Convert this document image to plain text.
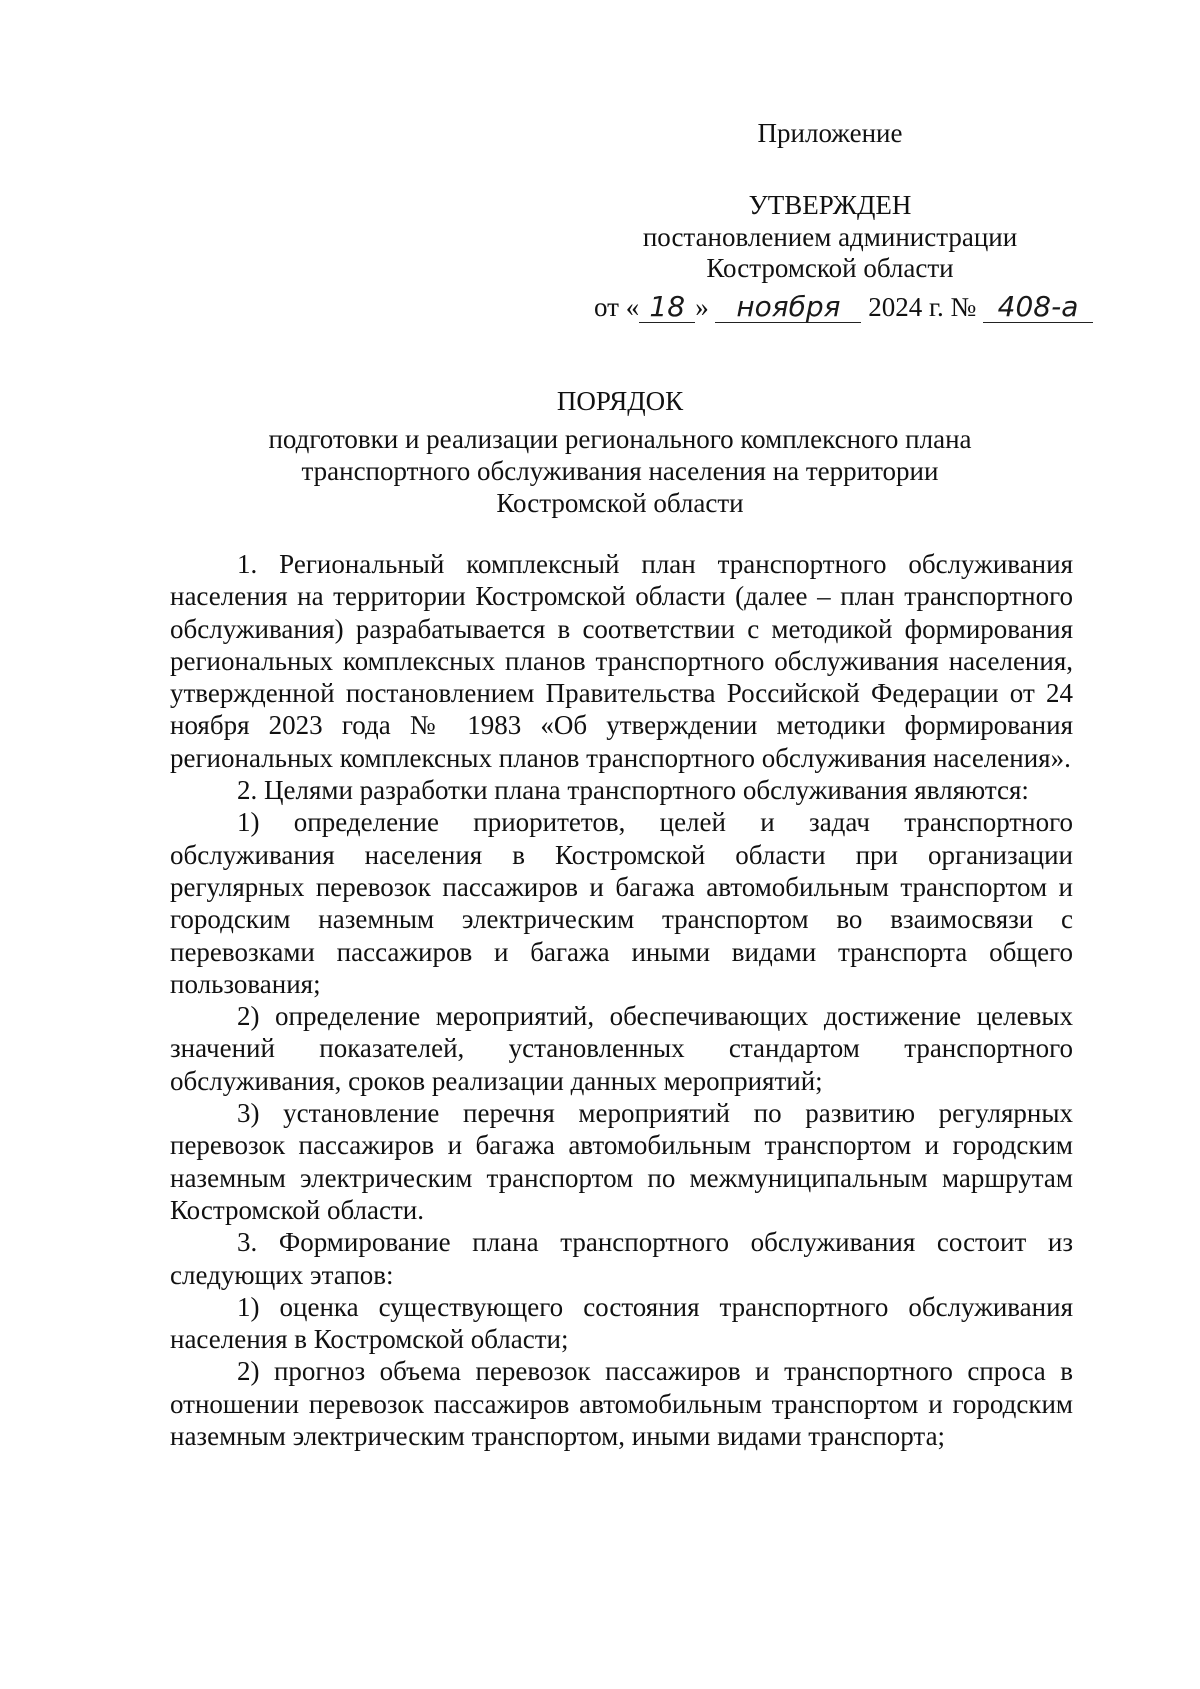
Приложение
УТВЕРЖДЕН
постановлением администрации
Костромской области
от « 18 » ноября 2024 г. № 408-а
ПОРЯДОК
подготовки и реализации регионального комплексного плана
транспортного обслуживания населения на территории
Костромской области

1. Региональный комплексный план транспортного обслуживания населения на территории Костромской области (далее – план транспортного обслуживания) разрабатывается в соответствии с методикой формирования региональных комплексных планов транспортного обслуживания населения, утвержденной постановлением Правительства Российской Федерации от 24 ноября 2023 года № 1983 «Об утверждении методики формирования региональных комплексных планов транспортного обслуживания населения».

2. Целями разработки плана транспортного обслуживания являются:

1) определение приоритетов, целей и задач транспортного обслуживания населения в Костромской области при организации регулярных перевозок пассажиров и багажа автомобильным транспортом и городским наземным электрическим транспортом во взаимосвязи с перевозками пассажиров и багажа иными видами транспорта общего пользования;

2) определение мероприятий, обеспечивающих достижение целевых значений показателей, установленных стандартом транспортного обслуживания, сроков реализации данных мероприятий;

3) установление перечня мероприятий по развитию регулярных перевозок пассажиров и багажа автомобильным транспортом и городским наземным электрическим транспортом по межмуниципальным маршрутам Костромской области.

3. Формирование плана транспортного обслуживания состоит из следующих этапов:

1) оценка существующего состояния транспортного обслуживания населения в Костромской области;

2) прогноз объема перевозок пассажиров и транспортного спроса в отношении перевозок пассажиров автомобильным транспортом и городским наземным электрическим транспортом, иными видами транспорта;
